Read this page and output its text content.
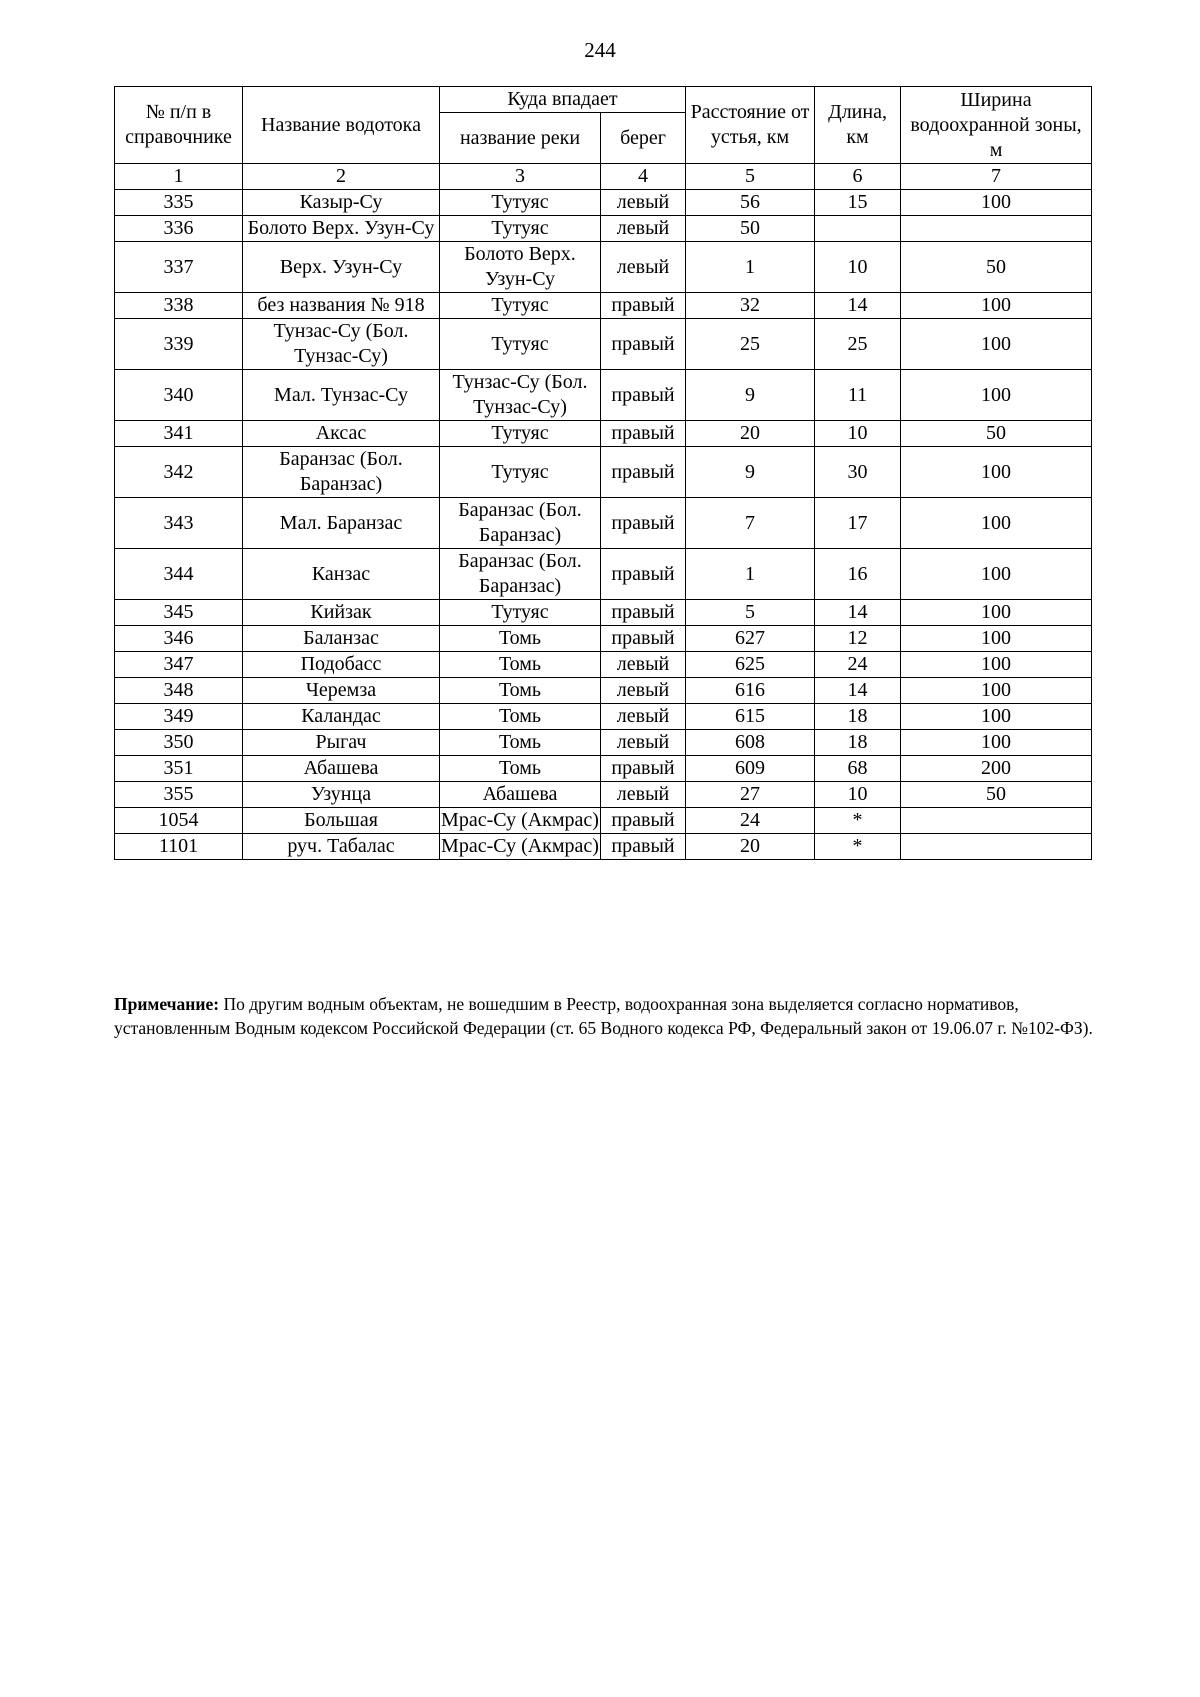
244
№ п/п в справочнике	Название водотока	Куда впадает		Расстояние от устья, км	Длина, км	Ширина водоохранной зоны, м
		название реки	берег			
1	2	3	4	5	6	7
335	Казыр-Су	Тутуяс	левый	56	15	100
336	Болото Верх. Узун-Су	Тутуяс	левый	50		
337	Верх. Узун-Су	Болото Верх. Узун-Су	левый	1	10	50
338	без названия № 918	Тутуяс	правый	32	14	100
339	Тунзас-Су (Бол. Тунзас-Су)	Тутуяс	правый	25	25	100
340	Мал. Тунзас-Су	Тунзас-Су (Бол. Тунзас-Су)	правый	9	11	100
341	Аксас	Тутуяс	правый	20	10	50
342	Баранзас (Бол. Баранзас)	Тутуяс	правый	9	30	100
343	Мал. Баранзас	Баранзас (Бол. Баранзас)	правый	7	17	100
344	Канзас	Баранзас (Бол. Баранзас)	правый	1	16	100
345	Кийзак	Тутуяс	правый	5	14	100
346	Баланзас	Томь	правый	627	12	100
347	Подобасс	Томь	левый	625	24	100
348	Черемза	Томь	левый	616	14	100
349	Каландас	Томь	левый	615	18	100
350	Рыгач	Томь	левый	608	18	100
351	Абашева	Томь	правый	609	68	200
355	Узунца	Абашева	левый	27	10	50
1054	Большая	Мрас-Су (Акмрас)	правый	24	*	
1101	руч. Табалас	Мрас-Су (Акмрас)	правый	20	*	
Примечание: По другим водным объектам, не вошедшим в Реестр, водоохранная зона выделяется согласно нормативов, установленным Водным кодексом Российской Федерации (ст. 65 Водного кодекса РФ, Федеральный закон от 19.06.07 г. №102-ФЗ).
